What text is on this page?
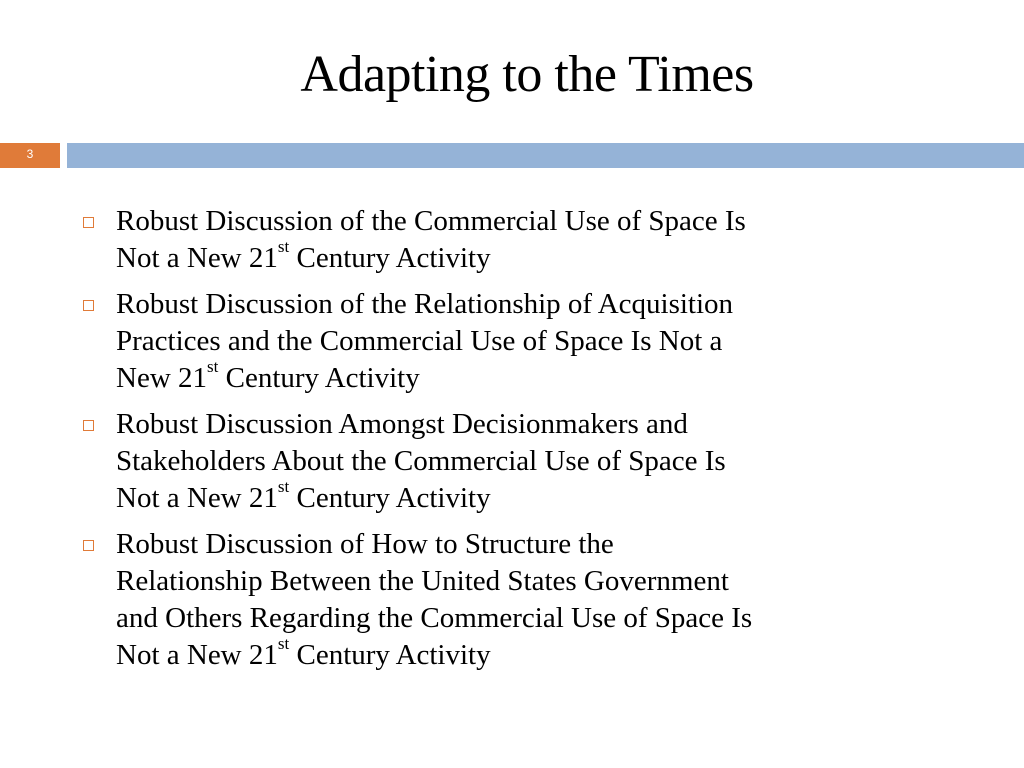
Adapting to the Times
3
Robust Discussion of the Commercial Use of Space Is
Not a New 21st Century Activity
Robust Discussion of the Relationship of Acquisition
Practices and the Commercial Use of Space Is Not a
New 21st Century Activity
Robust Discussion Amongst Decisionmakers and
Stakeholders About the Commercial Use of Space Is
Not a New 21st Century Activity
Robust Discussion of How to Structure the
Relationship Between the United States Government
and Others Regarding the Commercial Use of Space Is
Not a New 21st Century Activity
